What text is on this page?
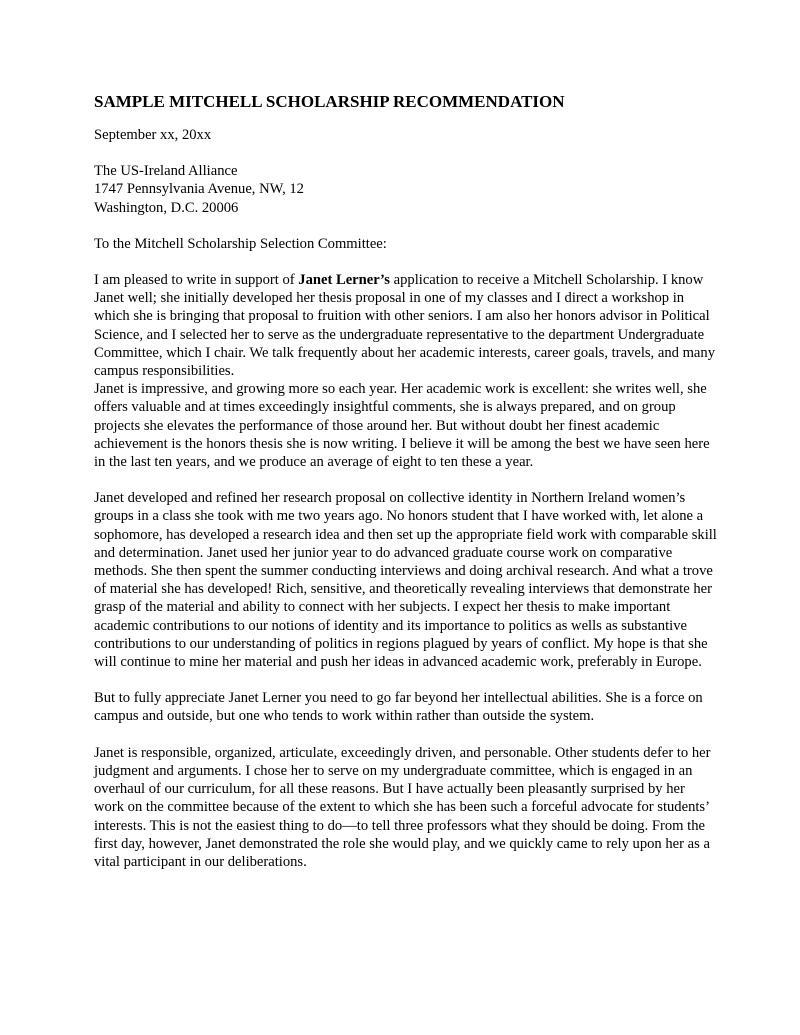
SAMPLE MITCHELL SCHOLARSHIP RECOMMENDATION
September xx, 20xx
The US-Ireland Alliance
1747 Pennsylvania Avenue, NW, 12
Washington, D.C. 20006
To the Mitchell Scholarship Selection Committee:

I am pleased to write in support of Janet Lerner’s application to receive a Mitchell Scholarship. I know Janet well; she initially developed her thesis proposal in one of my classes and I direct a workshop in which she is bringing that proposal to fruition with other seniors. I am also her honors advisor in Political Science, and I selected her to serve as the undergraduate representative to the department Undergraduate Committee, which I chair. We talk frequently about her academic interests, career goals, travels, and many campus responsibilities.

Janet is impressive, and growing more so each year. Her academic work is excellent: she writes well, she offers valuable and at times exceedingly insightful comments, she is always prepared, and on group projects she elevates the performance of those around her. But without doubt her finest academic achievement is the honors thesis she is now writing. I believe it will be among the best we have seen here in the last ten years, and we produce an average of eight to ten these a year.

Janet developed and refined her research proposal on collective identity in Northern Ireland women’s groups in a class she took with me two years ago. No honors student that I have worked with, let alone a sophomore, has developed a research idea and then set up the appropriate field work with comparable skill and determination. Janet used her junior year to do advanced graduate course work on comparative methods. She then spent the summer conducting interviews and doing archival research. And what a trove of material she has developed! Rich, sensitive, and theoretically revealing interviews that demonstrate her grasp of the material and ability to connect with her subjects. I expect her thesis to make important academic contributions to our notions of identity and its importance to politics as wells as substantive contributions to our understanding of politics in regions plagued by years of conflict. My hope is that she will continue to mine her material and push her ideas in advanced academic work, preferably in Europe.

But to fully appreciate Janet Lerner you need to go far beyond her intellectual abilities. She is a force on campus and outside, but one who tends to work within rather than outside the system.

Janet is responsible, organized, articulate, exceedingly driven, and personable. Other students defer to her judgment and arguments. I chose her to serve on my undergraduate committee, which is engaged in an overhaul of our curriculum, for all these reasons. But I have actually been pleasantly surprised by her work on the committee because of the extent to which she has been such a forceful advocate for students’ interests. This is not the easiest thing to do—to tell three professors what they should be doing. From the first day, however, Janet demonstrated the role she would play, and we quickly came to rely upon her as a vital participant in our deliberations.
